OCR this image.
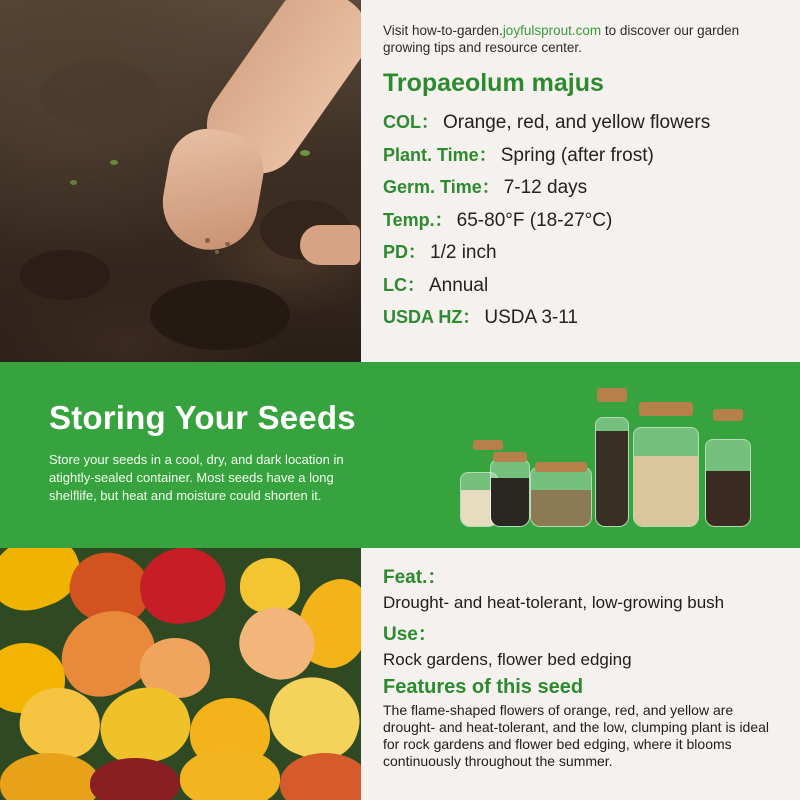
Visit how-to-garden.joyfulsprout.com to discover our garden growing tips and resource center.
Tropaeolum majus
COL： Orange, red, and yellow flowers
Plant. Time： Spring (after frost)
Germ. Time： 7-12 days
Temp.： 65-80°F (18-27°C)
PD： 1/2 inch
LC： Annual
USDA HZ： USDA 3-11
Storing Your Seeds

Store your seeds in a cool, dry, and dark location in atightly-sealed container. Most seeds have a long shelflife, but heat and moisture could shorten it.

Feat.：
Drought- and heat-tolerant, low-growing bush
Use：
Rock gardens, flower bed edging
Features of this seed
The flame-shaped flowers of orange, red, and yellow are drought- and heat-tolerant, and the low, clumping plant is ideal for rock gardens and flower bed edging, where it blooms continuously throughout the summer.
